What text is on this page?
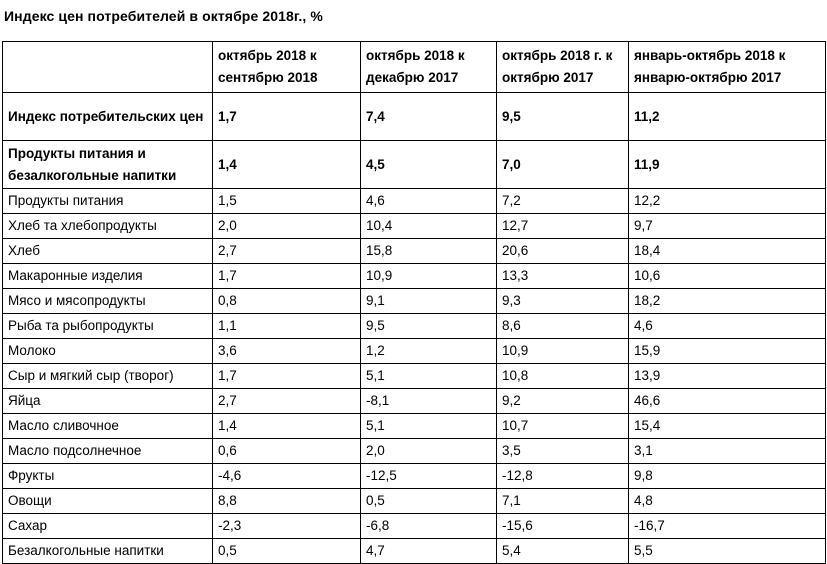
Индекс цен потребителей в октябре 2018г., %
	октябрь 2018 к сентябрю 2018	октябрь 2018 к декабрю 2017	октябрь 2018 г. к октябрю 2017	январь-октябрь 2018 к январю-октябрю 2017
Индекс потребительских цен	1,7	7,4	9,5	11,2
Продукты питания и безалкогольные напитки	1,4	4,5	7,0	11,9
Продукты питания	1,5	4,6	7,2	12,2
Хлеб та хлебопродукты	2,0	10,4	12,7	9,7
Хлеб	2,7	15,8	20,6	18,4
Макаронные изделия	1,7	10,9	13,3	10,6
Мясо и мясопродукты	0,8	9,1	9,3	18,2
Рыба та рыбопродукты	1,1	9,5	8,6	4,6
Молоко	3,6	1,2	10,9	15,9
Сыр и мягкий сыр (творог)	1,7	5,1	10,8	13,9
Яйца	2,7	-8,1	9,2	46,6
Масло сливочное	1,4	5,1	10,7	15,4
Масло подсолнечное	0,6	2,0	3,5	3,1
Фрукты	-4,6	-12,5	-12,8	9,8
Овощи	8,8	0,5	7,1	4,8
Сахар	-2,3	-6,8	-15,6	-16,7
Безалкогольные напитки	0,5	4,7	5,4	5,5
